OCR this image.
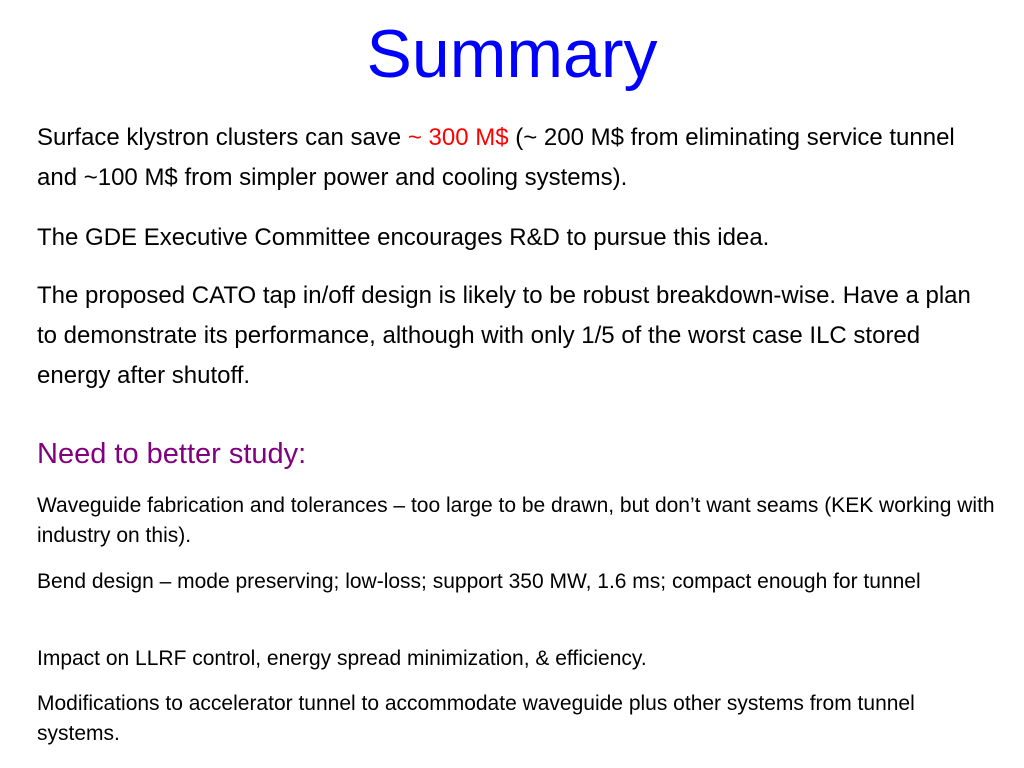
Summary

Surface klystron clusters can save ~ 300 M$ (~ 200 M$ from eliminating service tunnel and ~100 M$ from simpler power and cooling systems).

The GDE Executive Committee encourages R&D to pursue this idea.

The proposed CATO tap in/off design is likely to be robust breakdown-wise. Have a plan to demonstrate its performance, although with only 1/5 of the worst case ILC stored energy after shutoff.

Need to better study:

Waveguide fabrication and tolerances – too large to be drawn, but don’t want seams (KEK working with industry on this).

Bend design – mode preserving; low-loss; support 350 MW, 1.6 ms; compact enough for tunnel

Impact on LLRF control, energy spread minimization, & efficiency.

Modifications to accelerator tunnel to accommodate waveguide plus other systems from tunnel systems.
